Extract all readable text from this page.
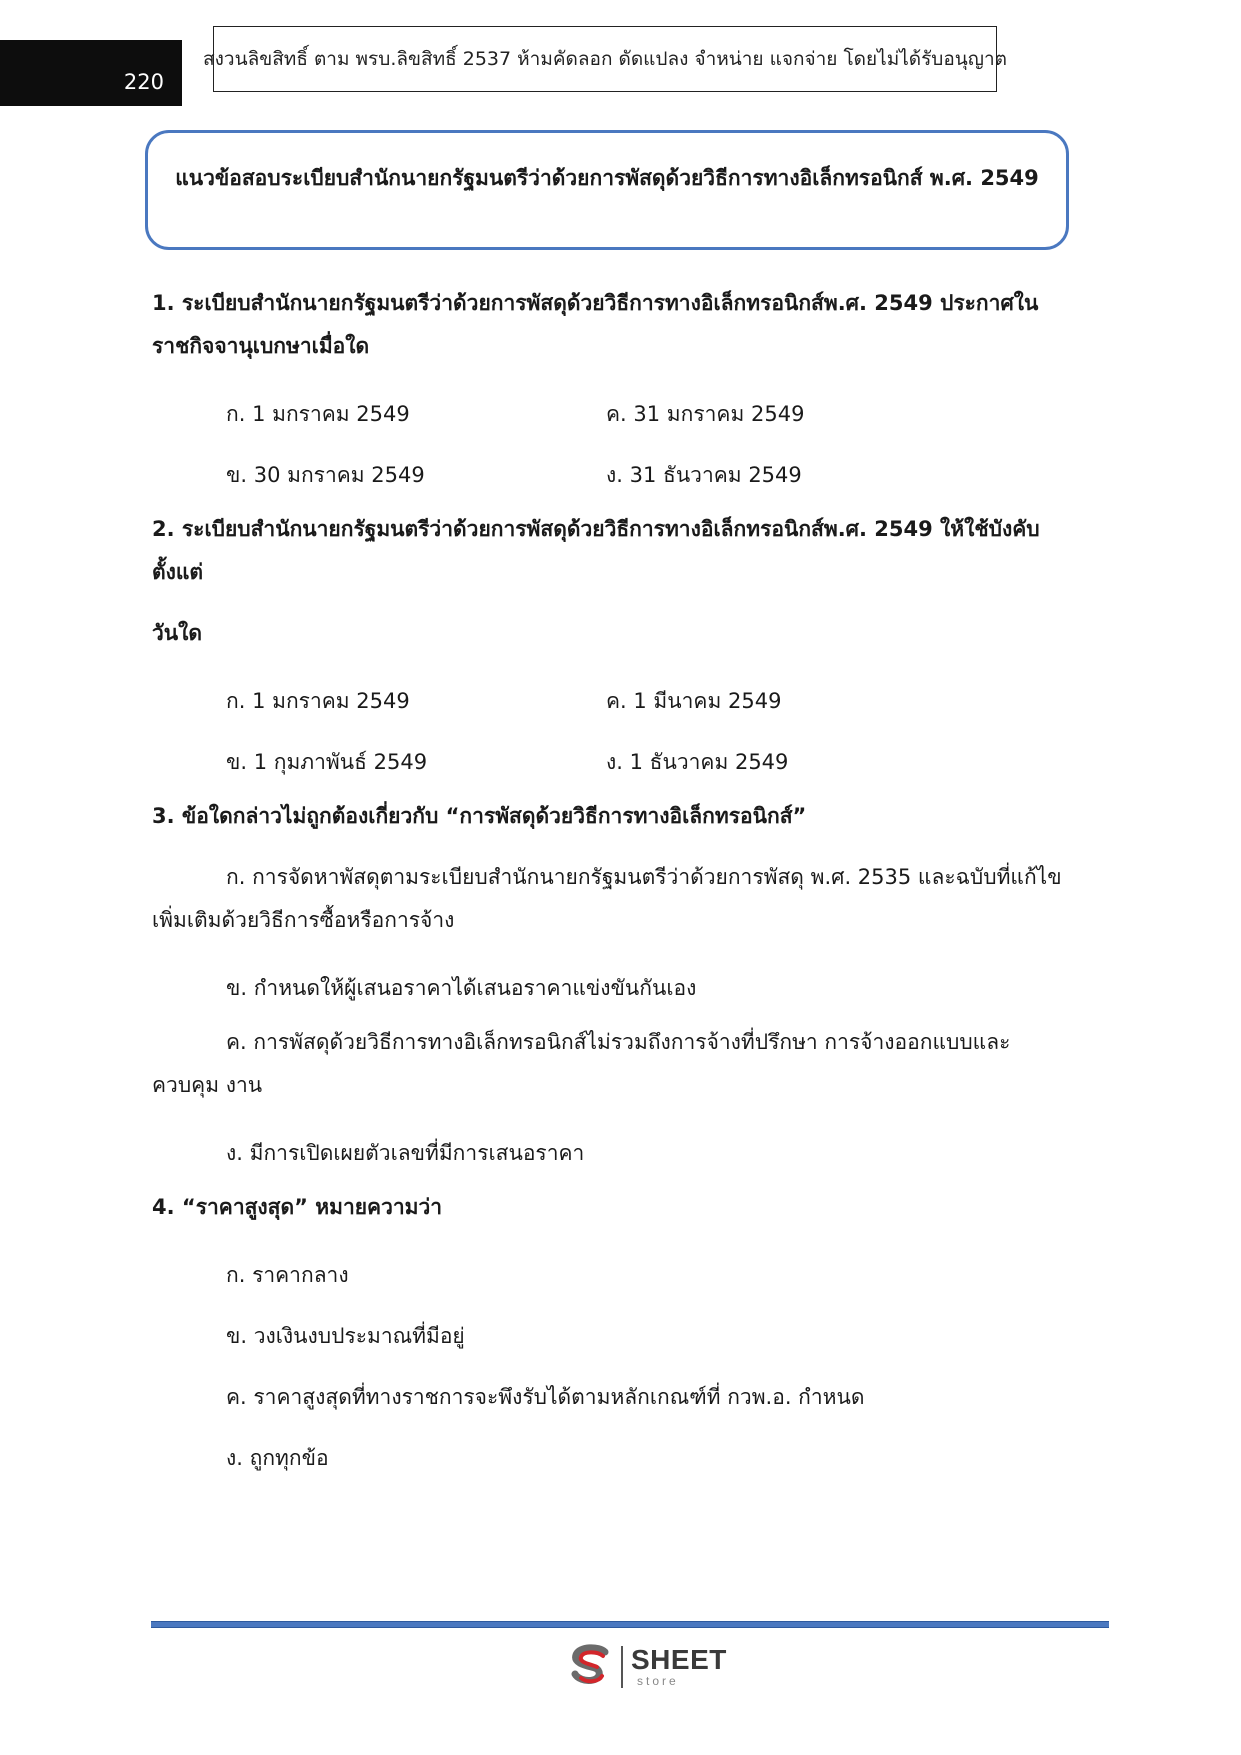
220
สงวนลิขสิทธิ์ ตาม พรบ.ลิขสิทธิ์ 2537 ห้ามคัดลอก ดัดแปลง จำหน่าย แจกจ่าย โดยไม่ได้รับอนุญาต
แนวข้อสอบระเบียบสำนักนายกรัฐมนตรีว่าด้วยการพัสดุด้วยวิธีการทางอิเล็กทรอนิกส์ พ.ศ. 2549
1. ระเบียบสำนักนายกรัฐมนตรีว่าด้วยการพัสดุด้วยวิธีการทางอิเล็กทรอนิกส์พ.ศ. 2549 ประกาศใน
ราชกิจจานุเบกษาเมื่อใด
ก. 1 มกราคม 2549	ค. 31 มกราคม 2549
ข. 30 มกราคม 2549	ง. 31 ธันวาคม 2549
2. ระเบียบสำนักนายกรัฐมนตรีว่าด้วยการพัสดุด้วยวิธีการทางอิเล็กทรอนิกส์พ.ศ. 2549 ให้ใช้บังคับ
ตั้งแต่
วันใด
ก. 1 มกราคม 2549	ค. 1 มีนาคม 2549
ข. 1 กุมภาพันธ์ 2549	ง. 1 ธันวาคม 2549
3. ข้อใดกล่าวไม่ถูกต้องเกี่ยวกับ “การพัสดุด้วยวิธีการทางอิเล็กทรอนิกส์”
ก. การจัดหาพัสดุตามระเบียบสำนักนายกรัฐมนตรีว่าด้วยการพัสดุ พ.ศ. 2535 และฉบับที่แก้ไข
เพิ่มเติมด้วยวิธีการซื้อหรือการจ้าง
ข. กำหนดให้ผู้เสนอราคาได้เสนอราคาแข่งขันกันเอง
ค. การพัสดุด้วยวิธีการทางอิเล็กทรอนิกส์ไม่รวมถึงการจ้างที่ปรึกษา การจ้างออกแบบและ
ควบคุม งาน
ง. มีการเปิดเผยตัวเลขที่มีการเสนอราคา
4. “ราคาสูงสุด” หมายความว่า
ก. ราคากลาง
ข. วงเงินงบประมาณที่มีอยู่
ค. ราคาสูงสุดที่ทางราชการจะพึงรับได้ตามหลักเกณฑ์ที่ กวพ.อ. กำหนด
ง. ถูกทุกข้อ
SHEET
store
